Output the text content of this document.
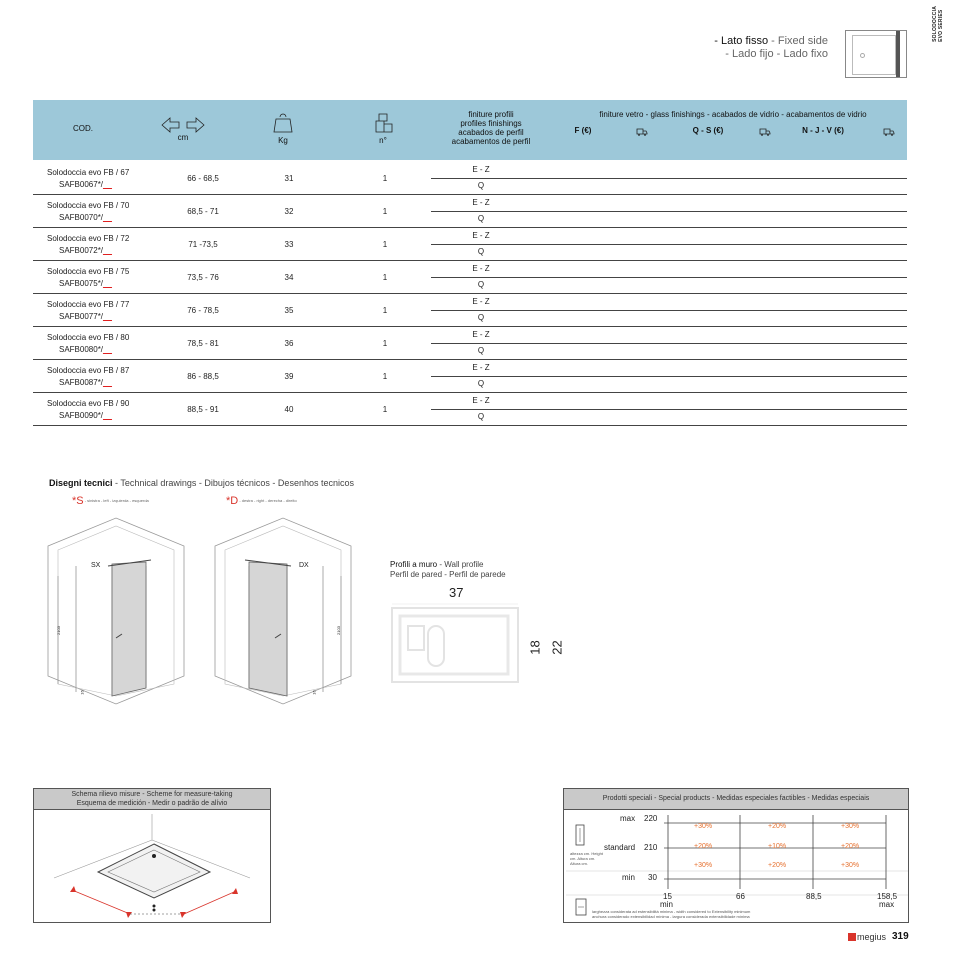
SOLODOCCIA
EVO SERIES
- Lato fisso - Fixed side
- Lado fijo - Lado fixo
COD.
cm	Kg	n°
finiture profili
profiles finishings
acabados de perfil
acabamentos de perfil
finiture vetro - glass finishings - acabados de vidrio - acabamentos de vidrio
F (€)	Q - S (€)	N - J - V (€)
Solodoccia evo FB / 67
SAFB0067*/__
66 - 68,5	31	1
E - Z
Q
Solodoccia evo FB / 70
SAFB0070*/__
68,5 - 71	32	1
E - Z
Q
Solodoccia evo FB / 72
SAFB0072*/__
71 -73,5	33	1
E - Z
Q
Solodoccia evo FB / 75
SAFB0075*/__
73,5 - 76	34	1
E - Z
Q
Solodoccia evo FB / 77
SAFB0077*/__
76 - 78,5	35	1
E - Z
Q
Solodoccia evo FB / 80
SAFB0080*/__
78,5 - 81	36	1
E - Z
Q
Solodoccia evo FB / 87
SAFB0087*/__
86 - 88,5	39	1
E - Z
Q
Solodoccia evo FB / 90
SAFB0090*/__
88,5 - 91	40	1
E - Z
Q
Disegni tecnici - Technical drawings - Dibujos técnicos - Desenhos tecnicos
*S - sinistra - left - izquierda - esquerda	*D - destra - right - derecha - direito
SX
2103
16
DX
2103
16
Profili a muro - Wall profile
Perfil de pared - Perfil de parede
37
18 22
Schema rilievo misure - Scheme for measure-taking
Esquema de medición - Medir o padrão de alívio
Prodotti speciali - Special products - Medidas especiales factibles - Medidas especiais
max 220
standard 210
min 30
altezza cm. Height cm. Altura cm. Altura cm.
+30%	+20%	+30%
+20%	+10%	+20%
+30%	+20%	+30%
15
min
66	88,5	158,5
max
larghezza considerata ad estensibilità minima - width considered to Extensibility minimum
anchura considerado extensibilidad mínima - largura considerada extensibilidade mínima
megius 319
